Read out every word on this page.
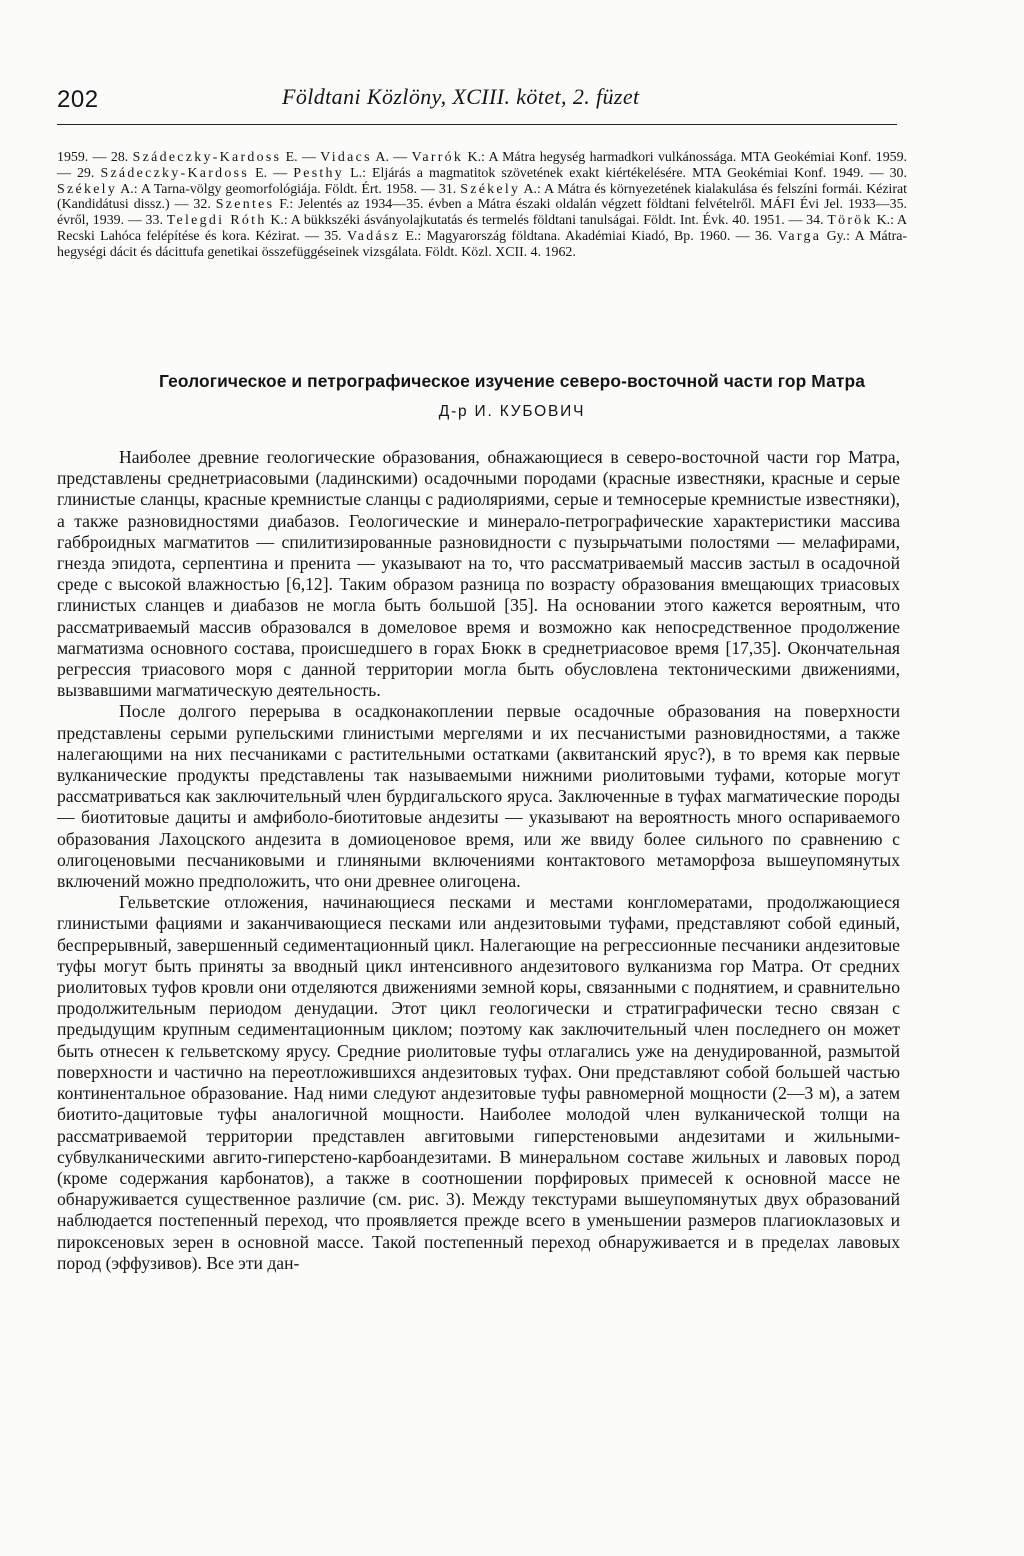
202	Földtani Közlöny, XCIII. kötet, 2. füzet

1959. — 28. Szádeczky-Kardoss E. — Vidacs A. — Varrók K.: A Mátra hegység harmadkori vulkánossága. MTA Geokémiai Konf. 1959. — 29. Szádeczky-Kardoss E. — Pesthy L.: Eljárás a magmatitok szövetének exakt kiértékelésére. MTA Geokémiai Konf. 1949. — 30. Székely A.: A Tarna-völgy geomorfológiája. Földt. Ért. 1958. — 31. Székely A.: A Mátra és környezetének kialakulása és felszíni formái. Kézirat (Kandidátusi dissz.) — 32. Szentes F.: Jelentés az 1934—35. évben a Mátra északi oldalán végzett földtani felvételről. MÁFI Évi Jel. 1933—35. évről, 1939. — 33. Telegdi Róth K.: A bükkszéki ásványolajkutatás és termelés földtani tanulságai. Földt. Int. Évk. 40. 1951. — 34. Török K.: A Recski Lahóca felépítése és kora. Kézirat. — 35. Vadász E.: Magyarország földtana. Akadémiai Kiadó, Bp. 1960. — 36. Varga Gy.: A Mátra-hegységi dácit és dácittufa genetikai összefüggéseinek vizsgálata. Földt. Közl. XCII. 4. 1962.

Геологическое и петрографическое изучение северо-восточной части гор Матра
Д-р И. КУБОВИЧ

Наиболее древние геологические образования, обнажающиеся в северо-восточной части гор Матра, представлены среднетриасовыми (ладинскими) осадочными породами (красные известняки, красные и серые глинистые сланцы, красные кремнистые сланцы с радиоляриями, серые и темносерые кремнистые известняки), а также разновидностями диабазов. Геологические и минерало-петрографические характеристики массива габброидных магматитов — спилитизированные разновидности с пузырьчатыми полостями — мелафирами, гнезда эпидота, серпентина и пренита — указывают на то, что рассматриваемый массив застыл в осадочной среде с высокой влажностью [6,12]. Таким образом разница по возрасту образования вмещающих триасовых глинистых сланцев и диабазов не могла быть большой [35]. На основании этого кажется вероятным, что рассматриваемый массив образовался в домеловое время и возможно как непосредственное продолжение магматизма основного состава, происшедшего в горах Бюкк в среднетриасовое время [17,35]. Окончательная регрессия триасового моря с данной территории могла быть обусловлена тектоническими движениями, вызвавшими магматическую деятельность.

После долгого перерыва в осадконакоплении первые осадочные образования на поверхности представлены серыми рупельскими глинистыми мергелями и их песчанистыми разновидностями, а также налегающими на них песчаниками с растительными остатками (аквитанский ярус?), в то время как первые вулканические продукты представлены так называемыми нижними риолитовыми туфами, которые могут рассматриваться как заключительный член бурдигальского яруса. Заключенные в туфах магматические породы — биотитовые дациты и амфиболо-биотитовые андезиты — указывают на вероятность много оспариваемого образования Лахоцского андезита в домиоценовое время, или же ввиду более сильного по сравнению с олигоценовыми песчаниковыми и глиняными включениями контактового метаморфоза вышеупомянутых включений можно предположить, что они древнее олигоцена.

Гельветские отложения, начинающиеся песками и местами конгломератами, продолжающиеся глинистыми фациями и заканчивающиеся песками или андезитовыми туфами, представляют собой единый, беспрерывный, завершенный седиментационный цикл. Налегающие на регрессионные песчаники андезитовые туфы могут быть приняты за вводный цикл интенсивного андезитового вулканизма гор Матра. От средних риолитовых туфов кровли они отделяются движениями земной коры, связанными с поднятием, и сравнительно продолжительным периодом денудации. Этот цикл геологически и стратиграфически тесно связан с предыдущим крупным седиментационным циклом; поэтому как заключительный член последнего он может быть отнесен к гельветскому ярусу. Средние риолитовые туфы отлагались уже на денудированной, размытой поверхности и частично на переотложившихся андезитовых туфах. Они представляют собой большей частью континентальное образование. Над ними следуют андезитовые туфы равномерной мощности (2—3 м), а затем биотито-дацитовые туфы аналогичной мощности. Наиболее молодой член вулканической толщи на рассматриваемой территории представлен авгитовыми гиперстеновыми андезитами и жильными-субвулканическими авгито-гиперстено-карбоандезитами. В минеральном составе жильных и лавовых пород (кроме содержания карбонатов), а также в соотношении порфировых примесей к основной массе не обнаруживается существенное различие (см. рис. 3). Между текстурами вышеупомянутых двух образований наблюдается постепенный переход, что проявляется прежде всего в уменьшении размеров плагиоклазовых и пироксеновых зерен в основной массе. Такой постепенный переход обнаруживается и в пределах лавовых пород (эффузивов). Все эти дан-
